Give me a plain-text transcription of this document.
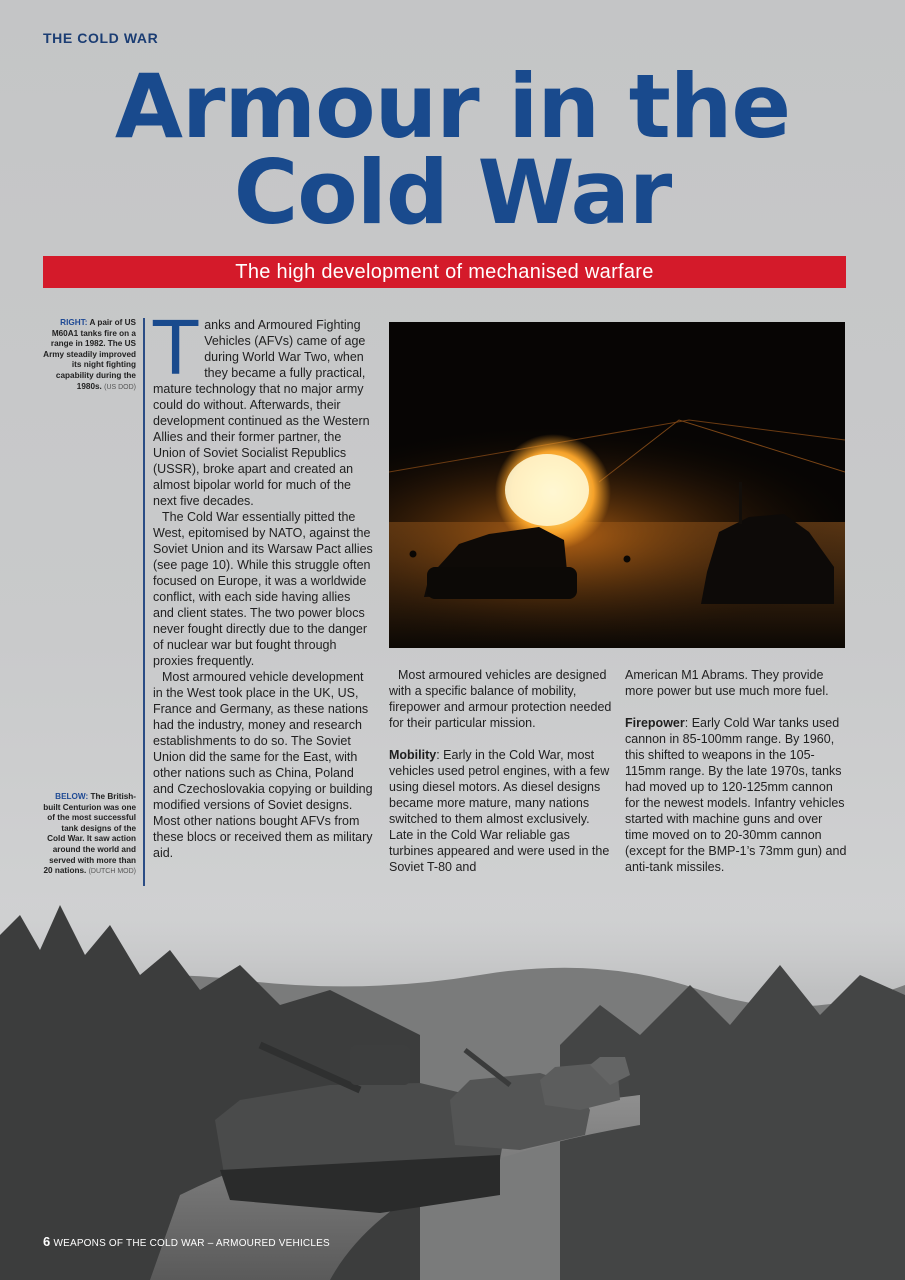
THE COLD WAR
Armour in the
Cold War
The high development of mechanised warfare
RIGHT: A pair of US M60A1 tanks fire on a range in 1982. The US Army steadily improved its night fighting capability during the 1980s. (US DOD)
BELOW: The British-built Centurion was one of the most successful tank designs of the Cold War. It saw action around the world and served with more than 20 nations. (DUTCH MOD)

Tanks and Armoured Fighting Vehicles (AFVs) came of age during World War Two, when they became a fully practical, mature technology that no major army could do without. Afterwards, their development continued as the Western Allies and their former partner, the Union of Soviet Socialist Republics (USSR), broke apart and created an almost bipolar world for much of the next five decades.

The Cold War essentially pitted the West, epitomised by NATO, against the Soviet Union and its Warsaw Pact allies (see page 10). While this struggle often focused on Europe, it was a worldwide conflict, with each side having allies and client states. The two power blocs never fought directly due to the danger of nuclear war but fought through proxies frequently.

Most armoured vehicle development in the West took place in the UK, US, France and Germany, as these nations had the industry, money and research establishments to do so. The Soviet Union did the same for the East, with other nations such as China, Poland and Czechoslovakia copying or building modified versions of Soviet designs. Most other nations bought AFVs from these blocs or received them as military aid.

Most armoured vehicles are designed with a specific balance of mobility, firepower and armour protection needed for their particular mission.

Mobility: Early in the Cold War, most vehicles used petrol engines, with a few using diesel motors. As diesel designs became more mature, many nations switched to them almost exclusively. Late in the Cold War reliable gas turbines appeared and were used in the Soviet T-80 and

American M1 Abrams. They provide more power but use much more fuel.

Firepower: Early Cold War tanks used cannon in 85-100mm range. By 1960, this shifted to weapons in the 105-115mm range. By the late 1970s, tanks had moved up to 120-125mm cannon for the newest models. Infantry vehicles started with machine guns and over time moved on to 20-30mm cannon (except for the BMP-1’s 73mm gun) and anti-tank missiles.

6 WEAPONS OF THE COLD WAR – ARMOURED VEHICLES
